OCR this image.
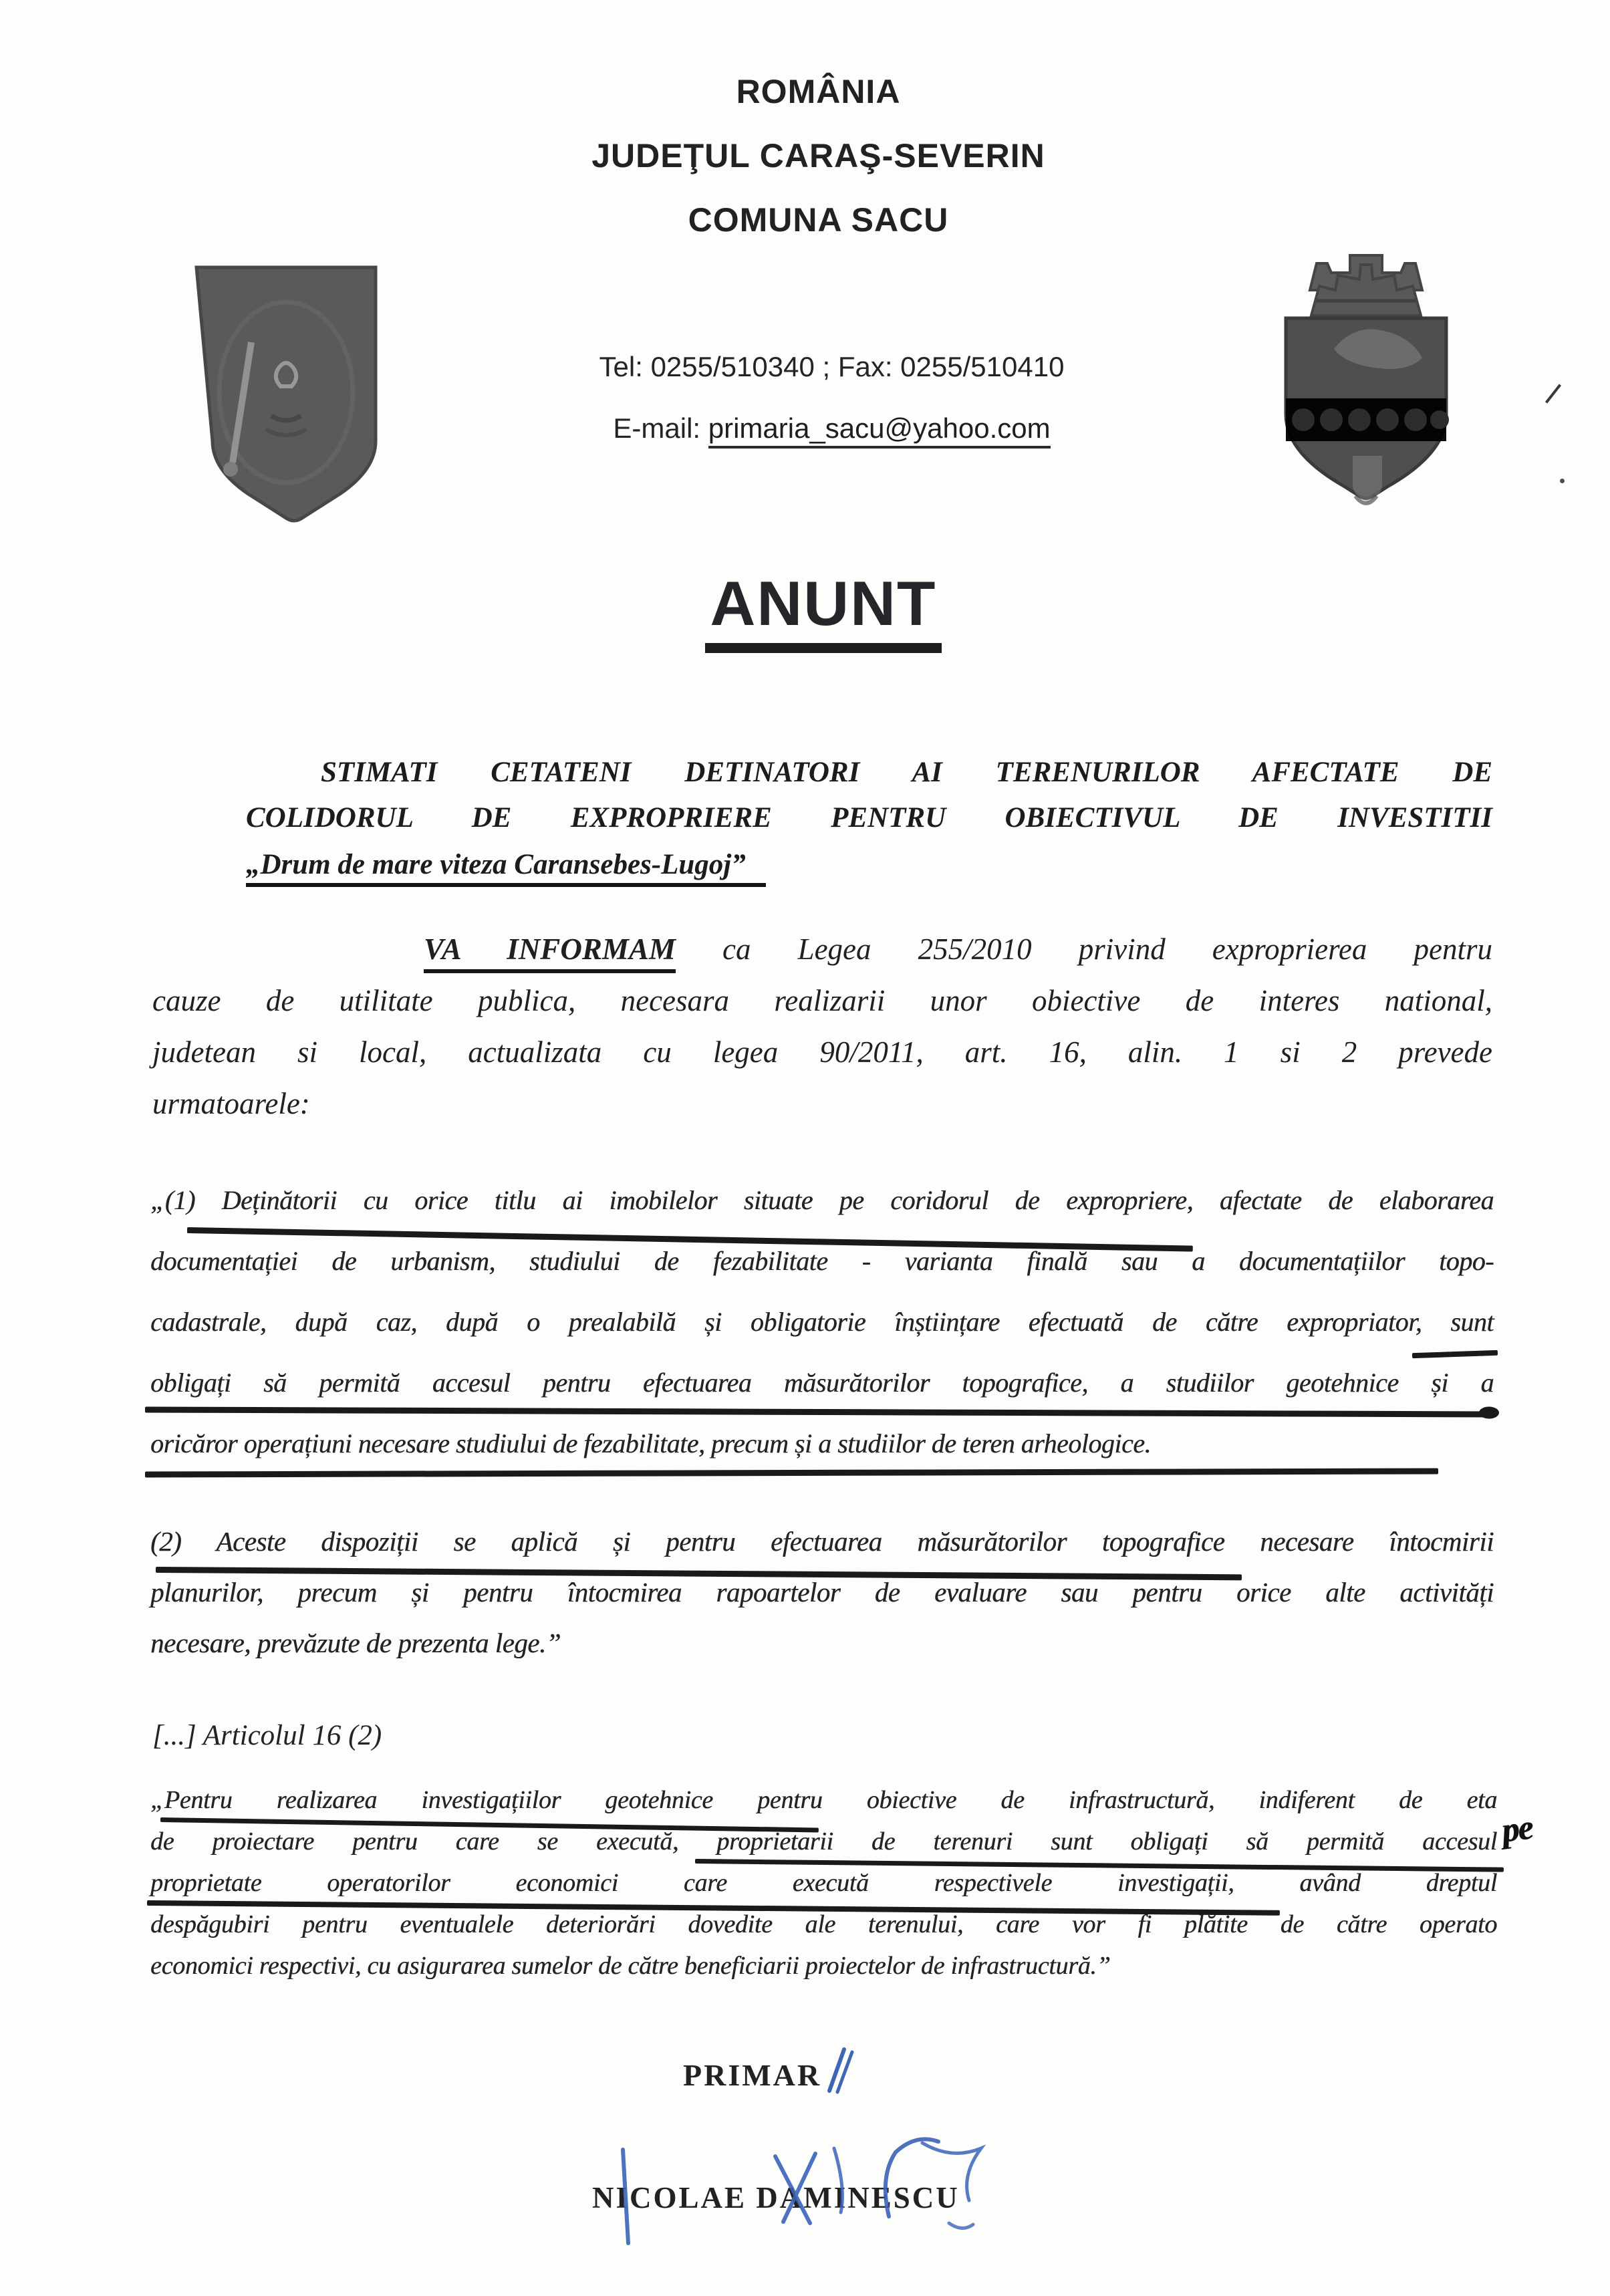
ROMÂNIA
JUDEŢUL CARAŞ-SEVERIN
COMUNA SACU
Tel: 0255/510340 ; Fax: 0255/510410
E-mail: primaria_sacu@yahoo.com
ANUNT
STIMATI CETATENI DETINATORI AI TERENURILOR AFECTATE DE
COLIDORUL DE EXPROPRIERE PENTRU OBIECTIVUL DE INVESTITII
„Drum de mare viteza Caransebes-Lugoj”
VA INFORMAM ca Legea 255/2010 privind exproprierea pentru
cauze de utilitate publica, necesara realizarii unor obiective de interes national,
judetean si local, actualizata cu legea 90/2011, art. 16, alin. 1 si 2 prevede
urmatoarele:
„(1) Deținătorii cu orice titlu ai imobilelor situate pe coridorul de expropriere, afectate de elaborarea
documentației de urbanism, studiului de fezabilitate - varianta finală sau a documentațiilor topo-
cadastrale, după caz, după o prealabilă și obligatorie înștiințare efectuată de către expropriator, sunt
obligați să permită accesul pentru efectuarea măsurătorilor topografice, a studiilor geotehnice și a
oricăror operațiuni necesare studiului de fezabilitate, precum și a studiilor de teren arheologice.
(2) Aceste dispoziții se aplică și pentru efectuarea măsurătorilor topografice necesare întocmirii
planurilor, precum și pentru întocmirea rapoartelor de evaluare sau pentru orice alte activități
necesare, prevăzute de prezenta lege.”
[...] Articolul 16 (2)
„Pentru realizarea investigațiilor geotehnice pentru obiective de infrastructură, indiferent de eta
de proiectare pentru care se execută, proprietarii de terenuri sunt obligați să permită accesul
proprietate operatorilor economici care execută respectivele investigații, având dreptul
despăgubiri pentru eventualele deteriorări dovedite ale terenului, care vor fi plătite de către operato
economici respectivi, cu asigurarea sumelor de către beneficiarii proiectelor de infrastructură.”
pe
PRIMAR
NICOLAE DAMINESCU
